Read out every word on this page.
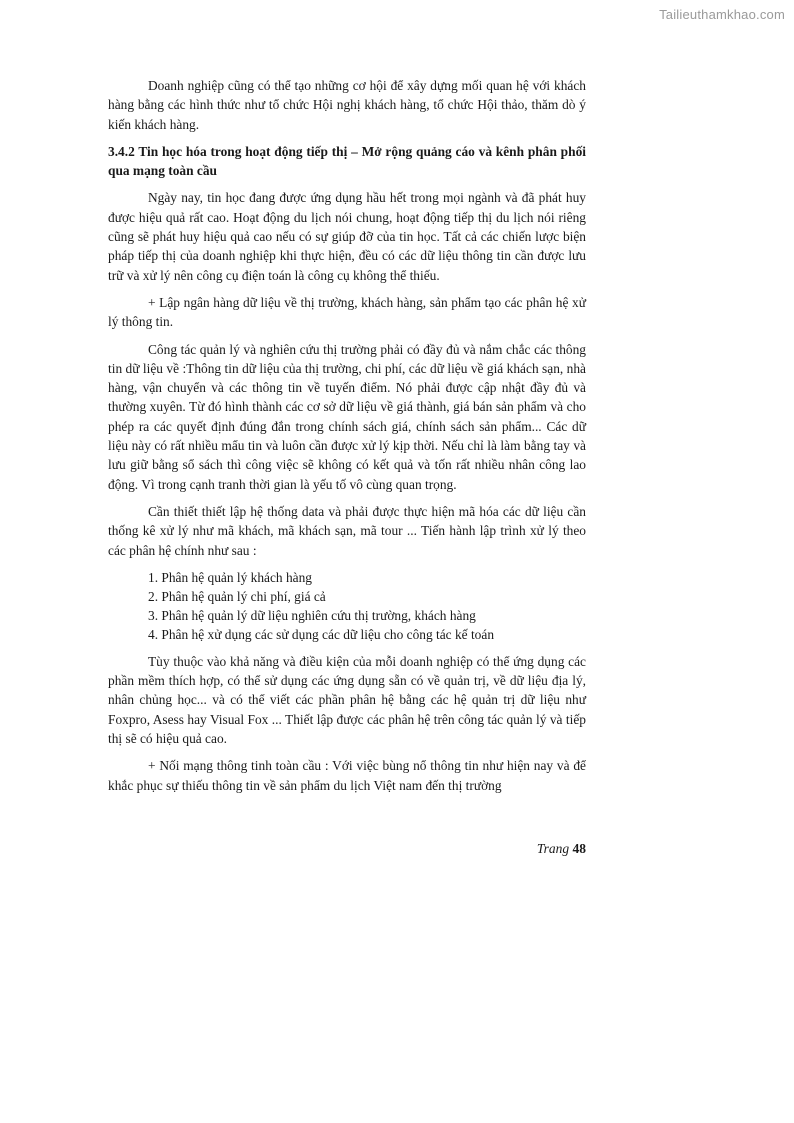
Tailieuthamkhao.com

Doanh nghiệp cũng có thể tạo những cơ hội để xây dựng mối quan hệ với khách hàng bằng các hình thức như tổ chức Hội nghị khách hàng, tổ chức Hội thảo, thăm dò ý kiến khách hàng.

3.4.2 Tin học hóa trong hoạt động tiếp thị – Mở rộng quảng cáo và kênh phân phối qua mạng toàn cầu

Ngày nay, tin học đang được ứng dụng hầu hết trong mọi ngành và đã phát huy được hiệu quả rất cao. Hoạt động du lịch nói chung, hoạt động tiếp thị du lịch nói riêng cũng sẽ phát huy hiệu quả cao nếu có sự giúp đỡ của tin học. Tất cả các chiến lược biện pháp tiếp thị của doanh nghiệp khi thực hiện, đều có các dữ liệu thông tin cần được lưu trữ và xử lý nên công cụ điện toán là công cụ không thể thiếu.

+ Lập ngân hàng dữ liệu về thị trường, khách hàng, sản phẩm tạo các phân hệ xử lý thông tin.

Công tác quản lý và nghiên cứu thị trường phải có đầy đủ và nắm chắc các thông tin dữ liệu về :Thông tin dữ liệu của thị trường, chi phí, các dữ liệu về giá khách sạn, nhà hàng, vận chuyển và các thông tin về tuyến điểm. Nó phải được cập nhật đầy đủ và thường xuyên. Từ đó hình thành các cơ sở dữ liệu về giá thành, giá bán sản phẩm và cho phép ra các quyết định đúng đắn trong chính sách giá, chính sách sản phẩm... Các dữ liệu này có rất nhiều mẩu tin và luôn cần được xử lý kịp thời. Nếu chỉ là làm bằng tay và lưu giữ bằng sổ sách thì công việc sẽ không có kết quả và tốn rất nhiều nhân công lao động. Vì trong cạnh tranh thời gian là yếu tố vô cùng quan trọng.

Cần thiết thiết lập hệ thống data và phải được thực hiện mã hóa các dữ liệu cần thống kê xử lý như mã khách, mã khách sạn, mã tour ... Tiến hành lập trình xử lý theo các phân hệ chính như sau :

1. Phân hệ quản lý khách hàng
2. Phân hệ quản lý chi phí, giá cả
3. Phân hệ quản lý dữ liệu nghiên cứu thị trường, khách hàng
4. Phân hệ xử dụng các sử dụng các dữ liệu cho công tác kế toán

Tùy thuộc vào khả năng và điều kiện của mỗi doanh nghiệp có thể ứng dụng các phần mềm thích hợp, có thể sử dụng các ứng dụng sẵn có về quản trị, về dữ liệu địa lý, nhân chủng học... và có thể viết các phần phân hệ bằng các hệ quản trị dữ liệu như Foxpro, Asess hay Visual Fox ... Thiết lập được các phân hệ trên công tác quản lý và tiếp thị sẽ có hiệu quả cao.

+ Nối mạng thông tinh toàn cầu : Với việc bùng nổ thông tin như hiện nay và để khắc phục sự thiếu thông tin về sản phẩm du lịch Việt nam đến thị trường

Trang 48
